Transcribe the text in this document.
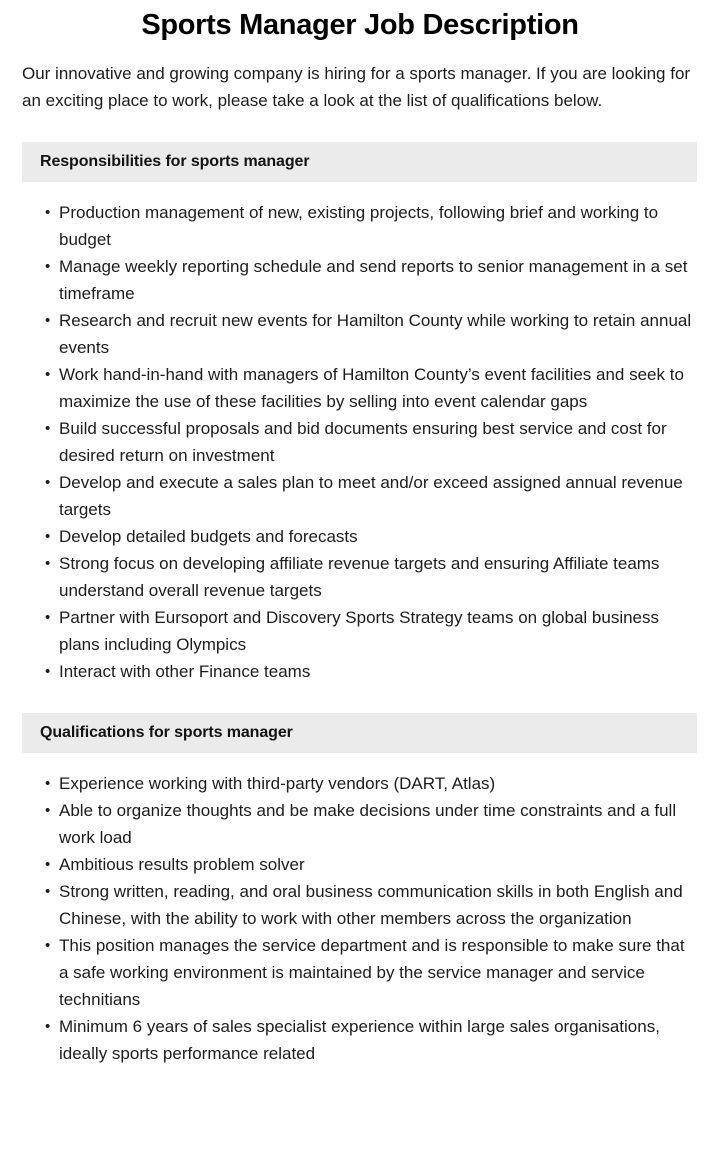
Sports Manager Job Description

Our innovative and growing company is hiring for a sports manager. If you are looking for an exciting place to work, please take a look at the list of qualifications below.

Responsibilities for sports manager
• Production management of new, existing projects, following brief and working to budget
• Manage weekly reporting schedule and send reports to senior management in a set timeframe
• Research and recruit new events for Hamilton County while working to retain annual events
• Work hand-in-hand with managers of Hamilton County’s event facilities and seek to maximize the use of these facilities by selling into event calendar gaps
• Build successful proposals and bid documents ensuring best service and cost for desired return on investment
• Develop and execute a sales plan to meet and/or exceed assigned annual revenue targets
• Develop detailed budgets and forecasts
• Strong focus on developing affiliate revenue targets and ensuring Affiliate teams understand overall revenue targets
• Partner with Eursoport and Discovery Sports Strategy teams on global business plans including Olympics
• Interact with other Finance teams
Qualifications for sports manager
• Experience working with third-party vendors (DART, Atlas)
• Able to organize thoughts and be make decisions under time constraints and a full work load
• Ambitious results problem solver
• Strong written, reading, and oral business communication skills in both English and Chinese, with the ability to work with other members across the organization
• This position manages the service department and is responsible to make sure that a safe working environment is maintained by the service manager and service technitians
• Minimum 6 years of sales specialist experience within large sales organisations, ideally sports performance related
